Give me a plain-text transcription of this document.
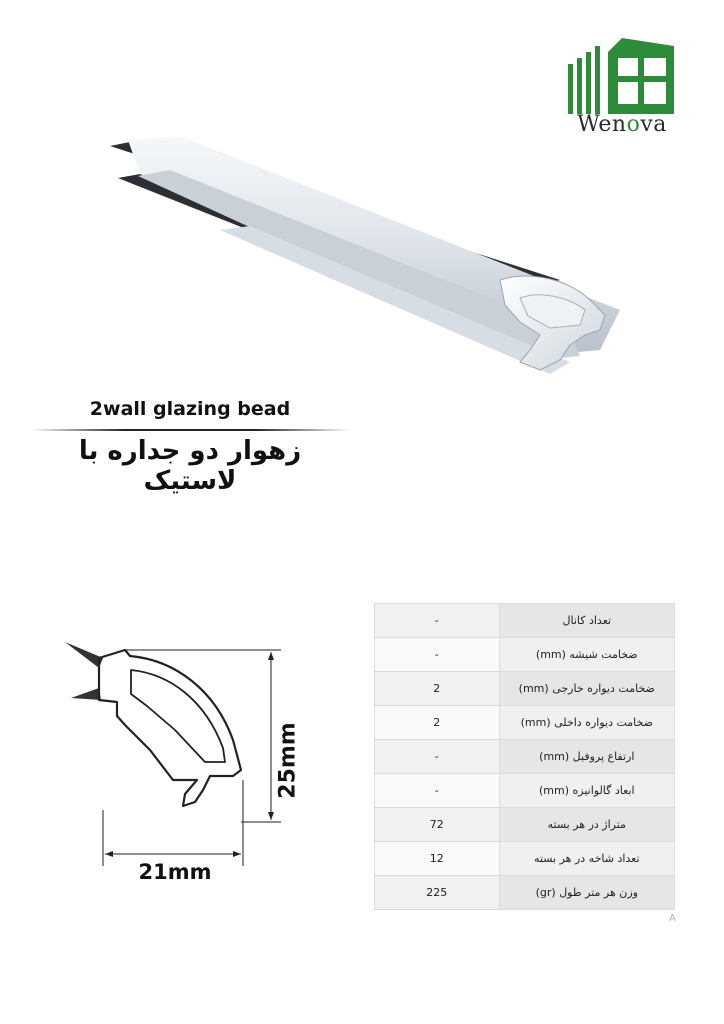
Wenova
2wall glazing bead
زهوار دو جداره با لاستیک
25mm
21mm
-	تعداد کانال
-	ضخامت شیشه (mm)
2	ضخامت دیواره خارجی (mm)
2	ضخامت دیواره داخلی (mm)
-	ارتفاع پروفیل (mm)
-	ابعاد گالوانیزه (mm)
72	متراژ در هر بسته
12	تعداد شاخه در هر بسته
225	وزن هر متر طول (gr)
A
